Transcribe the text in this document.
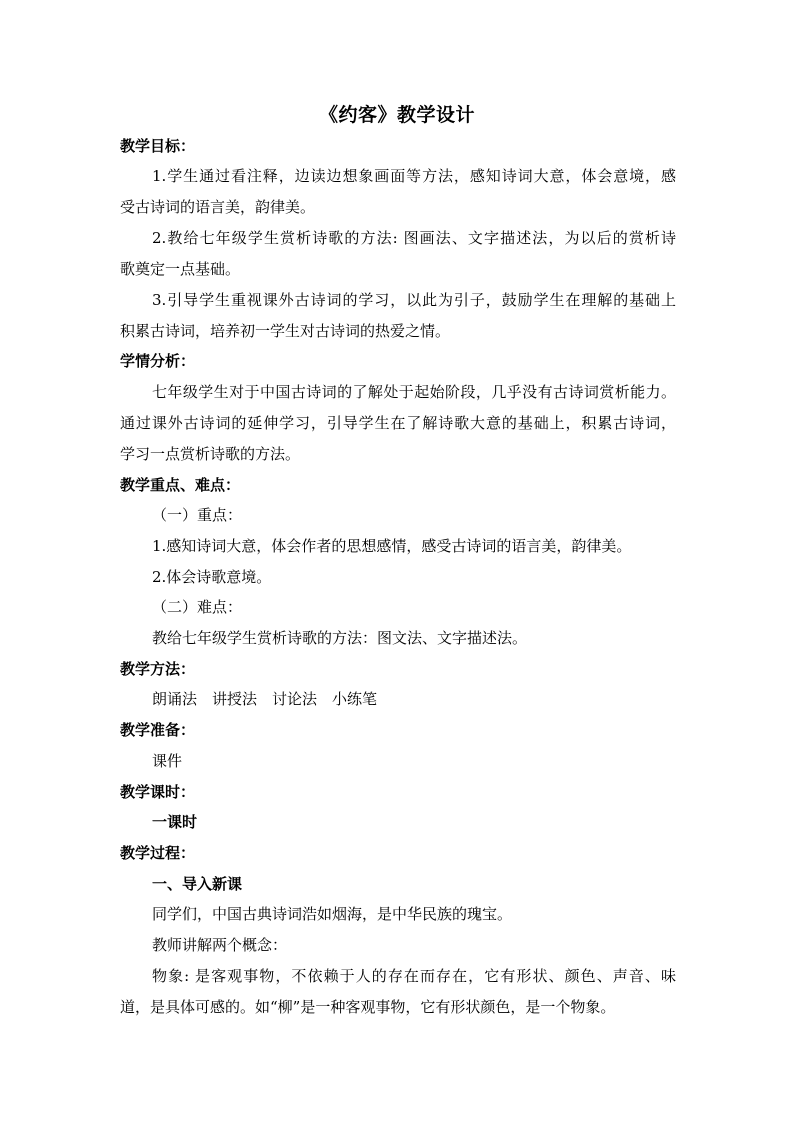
《约客》教学设计
教学目标：
1.学生通过看注释，边读边想象画面等方法，感知诗词大意，体会意境，感
受古诗词的语言美，韵律美。
2.教给七年级学生赏析诗歌的方法: 图画法、文字描述法，为以后的赏析诗
歌奠定一点基础。
3.引导学生重视课外古诗词的学习，以此为引子，鼓励学生在理解的基础上
积累古诗词，培养初一学生对古诗词的热爱之情。
学情分析：
七年级学生对于中国古诗词的了解处于起始阶段，几乎没有古诗词赏析能力。
通过课外古诗词的延伸学习，引导学生在了解诗歌大意的基础上，积累古诗词，
学习一点赏析诗歌的方法。
教学重点、难点：
（一）重点：
1.感知诗词大意，体会作者的思想感情，感受古诗词的语言美，韵律美。
2.体会诗歌意境。
（二）难点：
教给七年级学生赏析诗歌的方法：图文法、文字描述法。
教学方法：
朗诵法　讲授法　讨论法　小练笔
教学准备：
课件
教学课时：
一课时
教学过程：
一、导入新课
同学们，中国古典诗词浩如烟海，是中华民族的瑰宝。
教师讲解两个概念：
物象: 是客观事物，不依赖于人的存在而存在，它有形状、颜色、声音、味
道，是具体可感的。如“柳”是一种客观事物，它有形状颜色，是一个物象。
